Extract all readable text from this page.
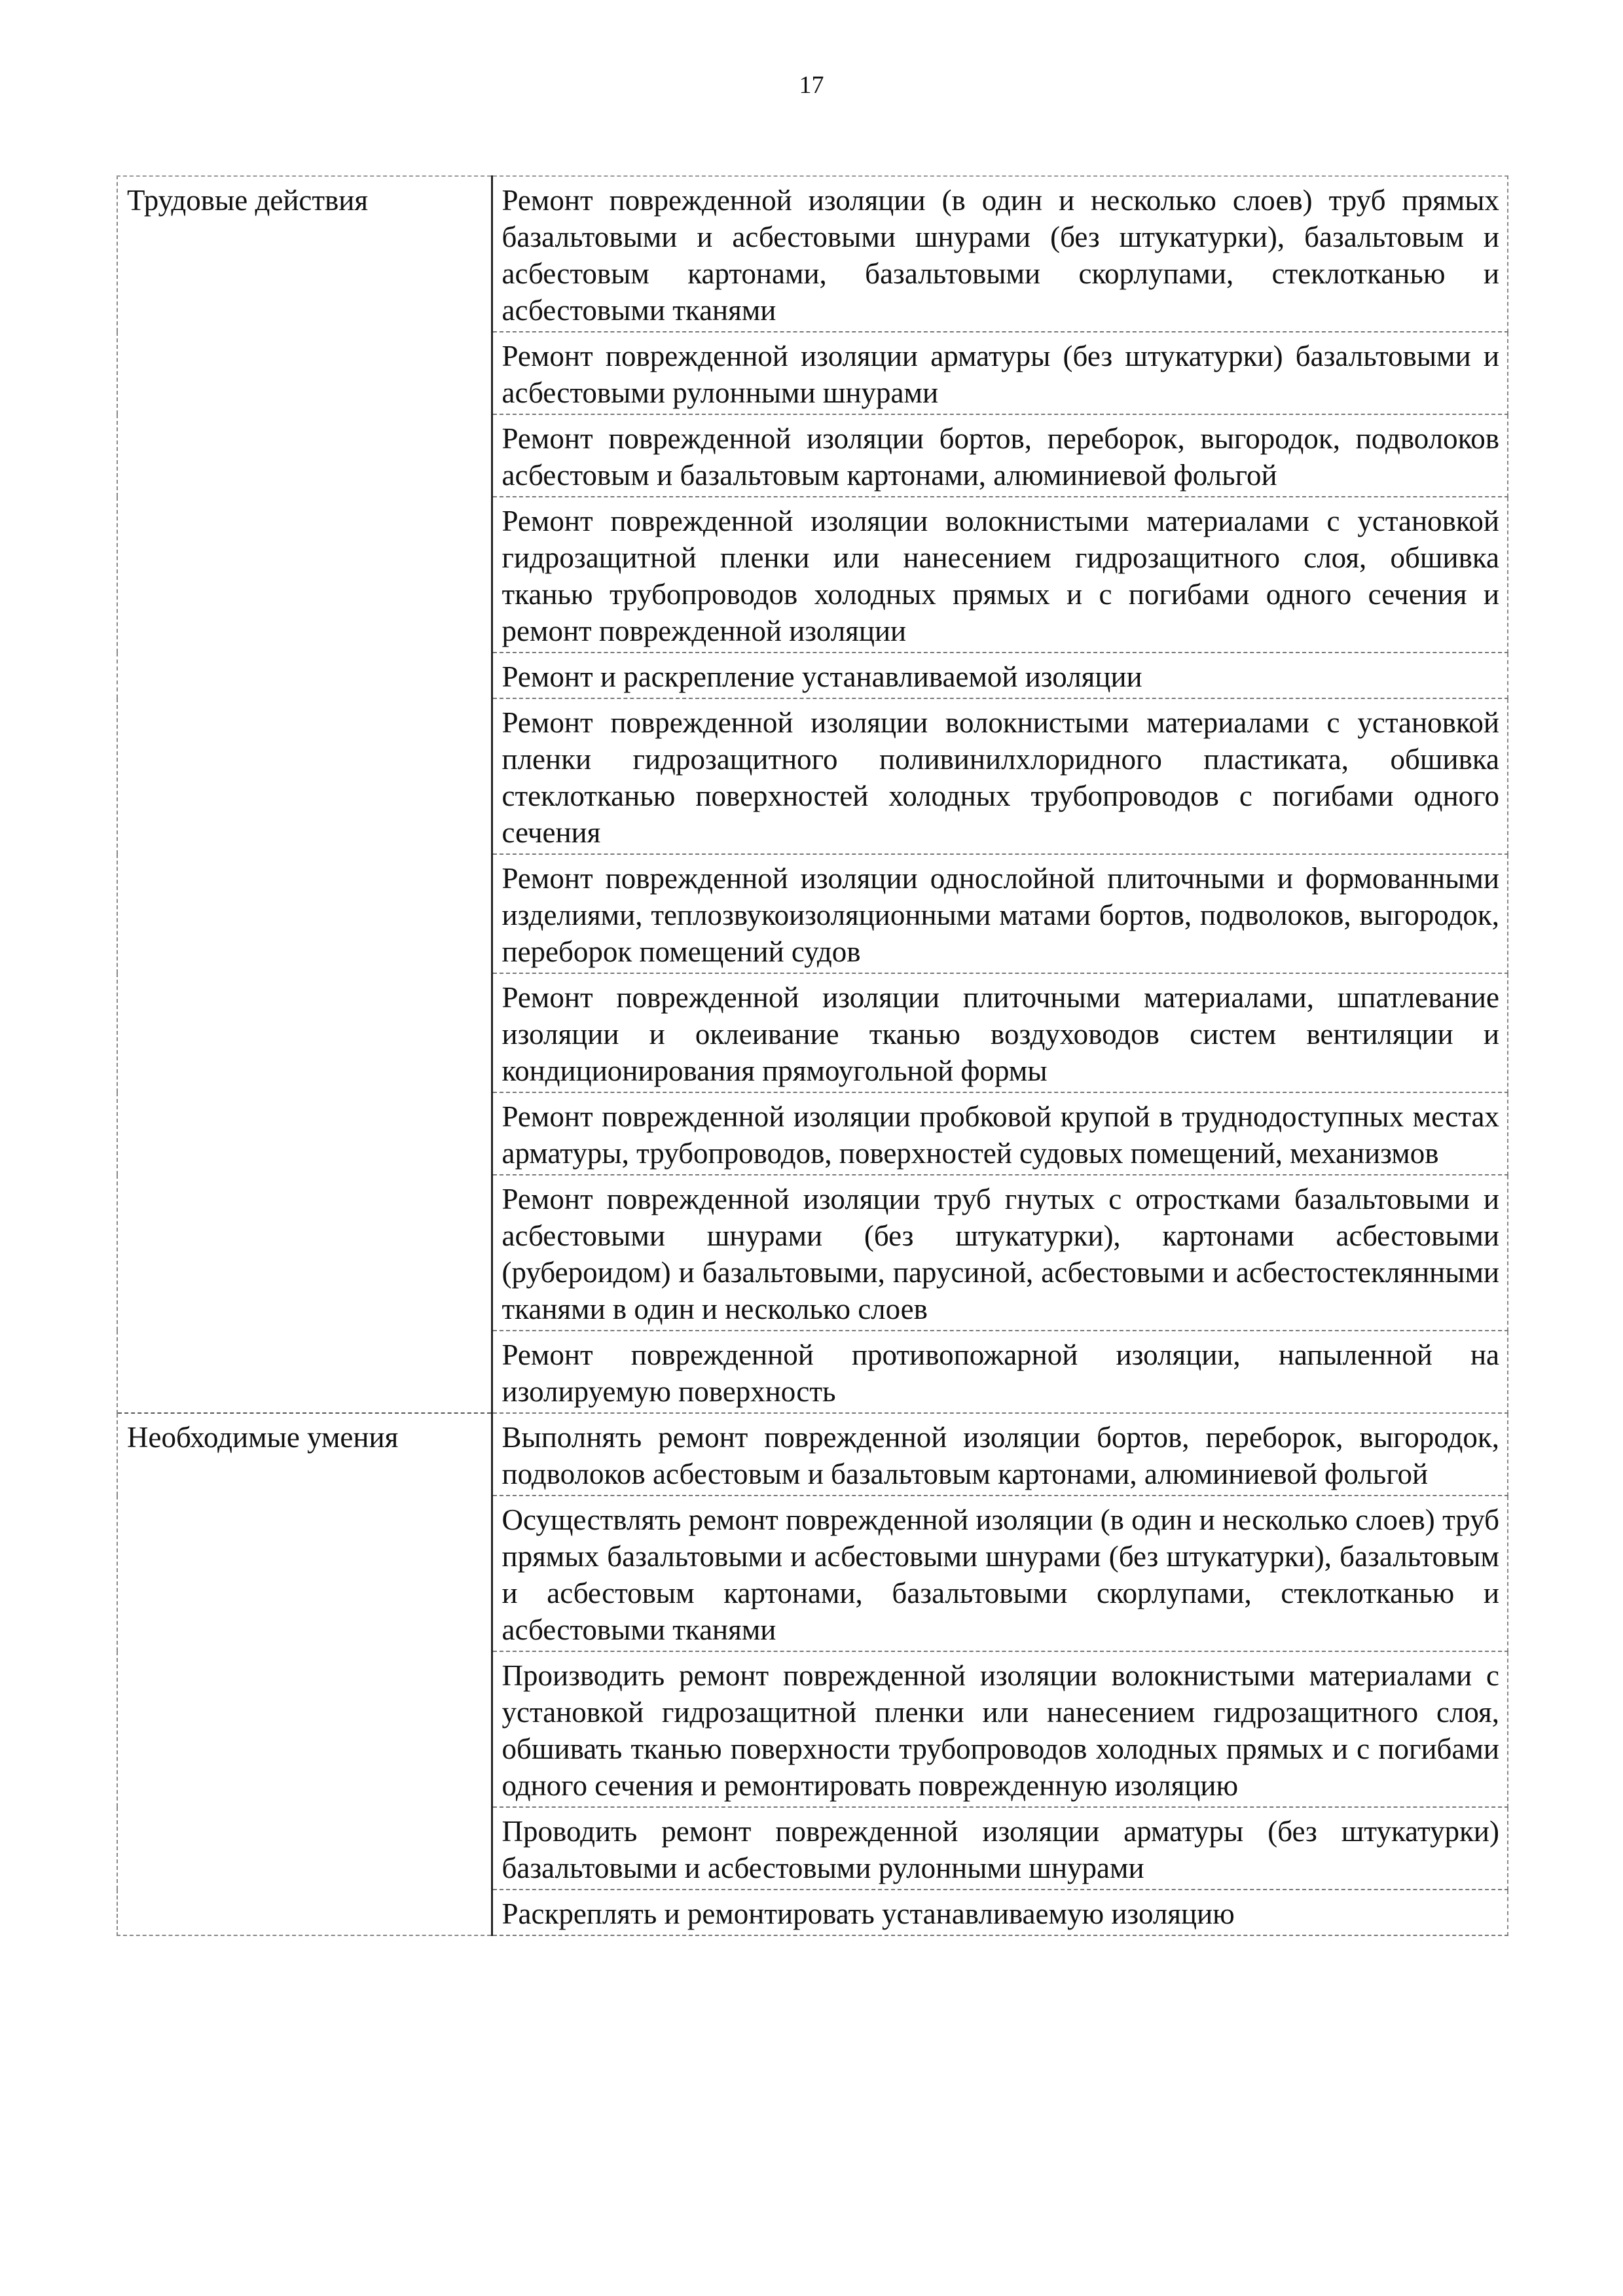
17
Трудовые действия	Ремонт поврежденной изоляции (в один и несколько слоев) труб прямых базальтовыми и асбестовыми шнурами (без штукатурки), базальтовым и асбестовым картонами, базальтовыми скорлупами, стеклотканью и асбестовыми тканями
	Ремонт поврежденной изоляции арматуры (без штукатурки) базальтовыми и асбестовыми рулонными шнурами
	Ремонт поврежденной изоляции бортов, переборок, выгородок, подволоков асбестовым и базальтовым картонами, алюминиевой фольгой
	Ремонт поврежденной изоляции волокнистыми материалами с установкой гидрозащитной пленки или нанесением гидрозащитного слоя, обшивка тканью трубопроводов холодных прямых и с погибами одного сечения и ремонт поврежденной изоляции
	Ремонт и раскрепление устанавливаемой изоляции
	Ремонт поврежденной изоляции волокнистыми материалами с установкой пленки гидрозащитного поливинилхлоридного пластиката, обшивка стеклотканью поверхностей холодных трубопроводов с погибами одного сечения
	Ремонт поврежденной изоляции однослойной плиточными и формованными изделиями, теплозвукоизоляционными матами бортов, подволоков, выгородок, переборок помещений судов
	Ремонт поврежденной изоляции плиточными материалами, шпатлевание изоляции и оклеивание тканью воздуховодов систем вентиляции и кондиционирования прямоугольной формы
	Ремонт поврежденной изоляции пробковой крупой в труднодоступных местах арматуры, трубопроводов, поверхностей судовых помещений, механизмов
	Ремонт поврежденной изоляции труб гнутых с отростками базальтовыми и асбестовыми шнурами (без штукатурки), картонами асбестовыми (рубероидом) и базальтовыми, парусиной, асбестовыми и асбестостеклянными тканями в один и несколько слоев
	Ремонт поврежденной противопожарной изоляции, напыленной на изолируемую поверхность
Необходимые умения	Выполнять ремонт поврежденной изоляции бортов, переборок, выгородок, подволоков асбестовым и базальтовым картонами, алюминиевой фольгой
	Осуществлять ремонт поврежденной изоляции (в один и несколько слоев) труб прямых базальтовыми и асбестовыми шнурами (без штукатурки), базальтовым и асбестовым картонами, базальтовыми скорлупами, стеклотканью и асбестовыми тканями
	Производить ремонт поврежденной изоляции волокнистыми материалами с установкой гидрозащитной пленки или нанесением гидрозащитного слоя, обшивать тканью поверхности трубопроводов холодных прямых и с погибами одного сечения и ремонтировать поврежденную изоляцию
	Проводить ремонт поврежденной изоляции арматуры (без штукатурки) базальтовыми и асбестовыми рулонными шнурами
	Раскреплять и ремонтировать устанавливаемую изоляцию
